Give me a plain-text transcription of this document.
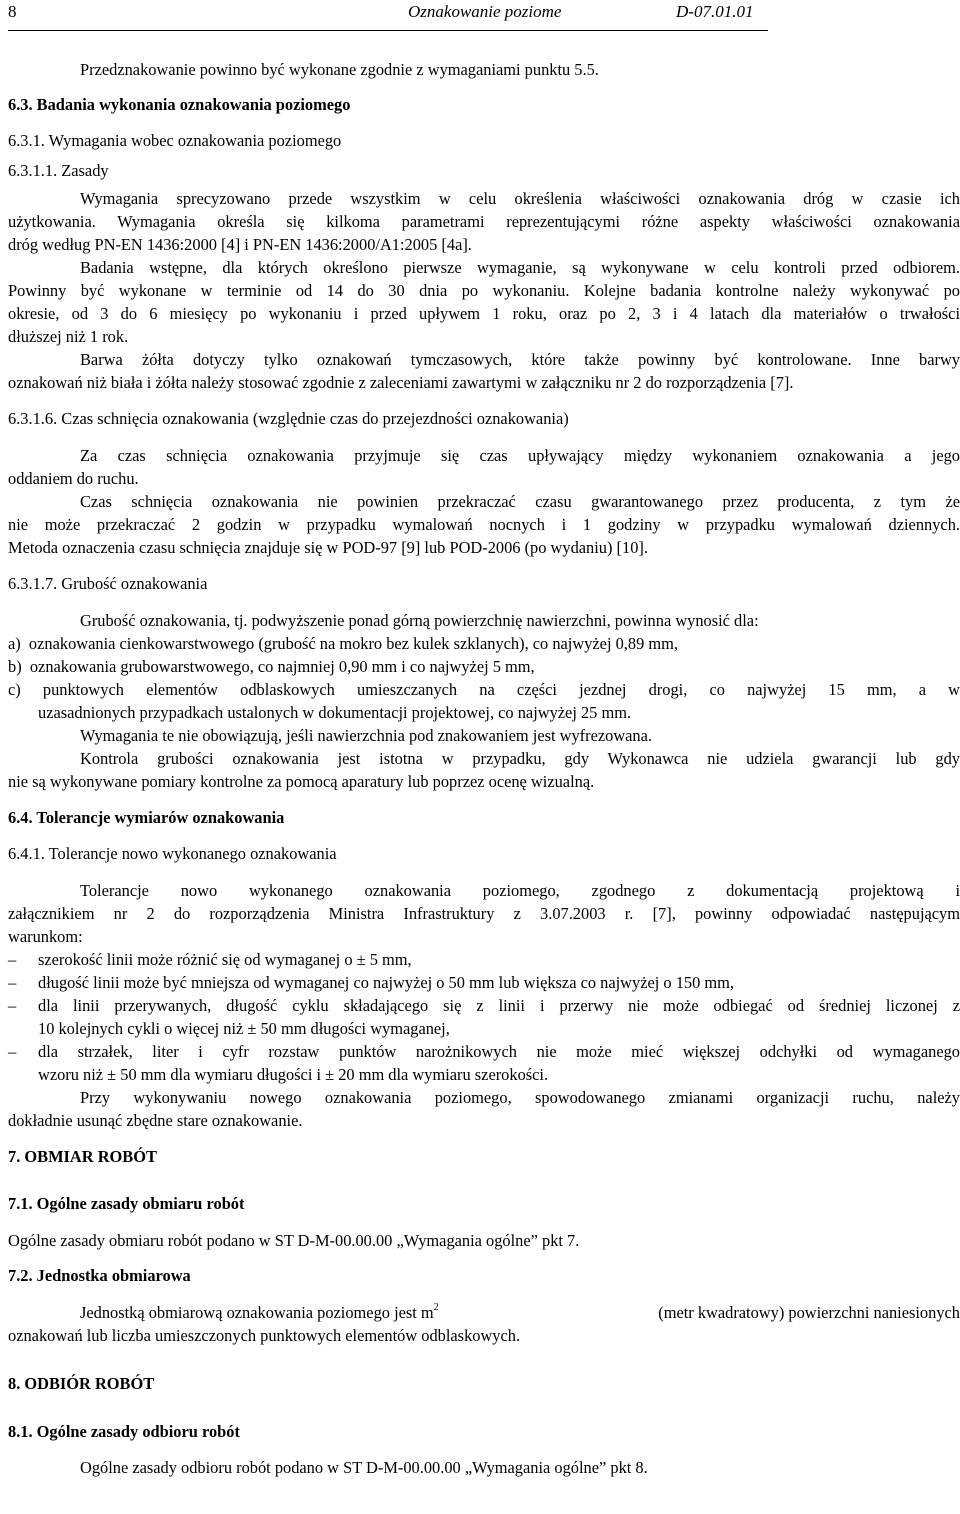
8	Oznakowanie poziome	D-07.01.01
Przedznakowanie powinno być wykonane zgodnie z wymaganiami punktu 5.5.
6.3. Badania wykonania oznakowania poziomego
6.3.1. Wymagania wobec oznakowania poziomego
6.3.1.1. Zasady
Wymagania sprecyzowano przede wszystkim w celu określenia właściwości oznakowania dróg w czasie ich
użytkowania. Wymagania określa się kilkoma parametrami reprezentującymi różne aspekty właściwości oznakowania
dróg według PN-EN 1436:2000 [4] i PN-EN 1436:2000/A1:2005 [4a].
Badania wstępne, dla których określono pierwsze wymaganie, są wykonywane w celu kontroli przed odbiorem.
Powinny być wykonane w terminie od 14 do 30 dnia po wykonaniu. Kolejne badania kontrolne należy wykonywać po
okresie, od 3 do 6 miesięcy po wykonaniu i przed upływem 1 roku, oraz po 2, 3 i 4 latach dla materiałów o trwałości
dłuższej niż 1 rok.
Barwa żółta dotyczy tylko oznakowań tymczasowych, które także powinny być kontrolowane. Inne barwy
oznakowań niż biała i żółta należy stosować zgodnie z zaleceniami zawartymi w załączniku nr 2 do rozporządzenia [7].
6.3.1.6. Czas schnięcia oznakowania (względnie czas do przejezdności oznakowania)
Za czas schnięcia oznakowania przyjmuje się czas upływający między wykonaniem oznakowania a jego
oddaniem do ruchu.
Czas schnięcia oznakowania nie powinien przekraczać czasu gwarantowanego przez producenta, z tym że
nie może przekraczać 2 godzin w przypadku wymalowań nocnych i 1 godziny w przypadku wymalowań dziennych.
Metoda oznaczenia czasu schnięcia znajduje się w POD-97 [9] lub POD-2006 (po wydaniu) [10].
6.3.1.7. Grubość oznakowania
Grubość oznakowania, tj. podwyższenie ponad górną powierzchnię nawierzchni, powinna wynosić dla:
a)  oznakowania cienkowarstwowego (grubość na mokro bez kulek szklanych), co najwyżej 0,89 mm,
b)  oznakowania grubowarstwowego, co najmniej 0,90 mm i co najwyżej 5 mm,
c) punktowych elementów odblaskowych umieszczanych na części jezdnej drogi, co najwyżej 15 mm, a w
uzasadnionych przypadkach ustalonych w dokumentacji projektowej, co najwyżej 25 mm.
Wymagania te nie obowiązują, jeśli nawierzchnia pod znakowaniem jest wyfrezowana.
Kontrola grubości oznakowania jest istotna w przypadku, gdy Wykonawca nie udziela gwarancji lub gdy
nie są wykonywane pomiary kontrolne za pomocą aparatury lub poprzez ocenę wizualną.
6.4. Tolerancje wymiarów oznakowania
6.4.1. Tolerancje nowo wykonanego oznakowania
Tolerancje nowo wykonanego oznakowania poziomego, zgodnego z dokumentacją projektową i
załącznikiem nr 2 do rozporządzenia Ministra Infrastruktury z 3.07.2003 r. [7], powinny odpowiadać następującym
warunkom:
–	szerokość linii może różnić się od wymaganej o ± 5 mm,
–	długość linii może być mniejsza od wymaganej co najwyżej o 50 mm lub większa co najwyżej o 150 mm,
–	dla linii przerywanych, długość cyklu składającego się z linii i przerwy nie może odbiegać od średniej liczonej z
10 kolejnych cykli o więcej niż ± 50 mm długości wymaganej,
–	dla strzałek, liter i cyfr rozstaw punktów narożnikowych nie może mieć większej odchyłki od wymaganego
wzoru niż ± 50 mm dla wymiaru długości i ± 20 mm dla wymiaru szerokości.
Przy wykonywaniu nowego oznakowania poziomego, spowodowanego zmianami organizacji ruchu, należy
dokładnie usunąć zbędne stare oznakowanie.
7. OBMIAR ROBÓT
7.1. Ogólne zasady obmiaru robót
Ogólne zasady obmiaru robót podano w ST D-M-00.00.00 „Wymagania ogólne” pkt 7.
7.2. Jednostka obmiarowa
Jednostką obmiarową oznakowania poziomego jest $m^2$	(metr kwadratowy) powierzchni naniesionych
oznakowań lub liczba umieszczonych punktowych elementów odblaskowych.
8. ODBIÓR ROBÓT
8.1. Ogólne zasady odbioru robót
Ogólne zasady odbioru robót podano w ST D-M-00.00.00 „Wymagania ogólne” pkt 8.
